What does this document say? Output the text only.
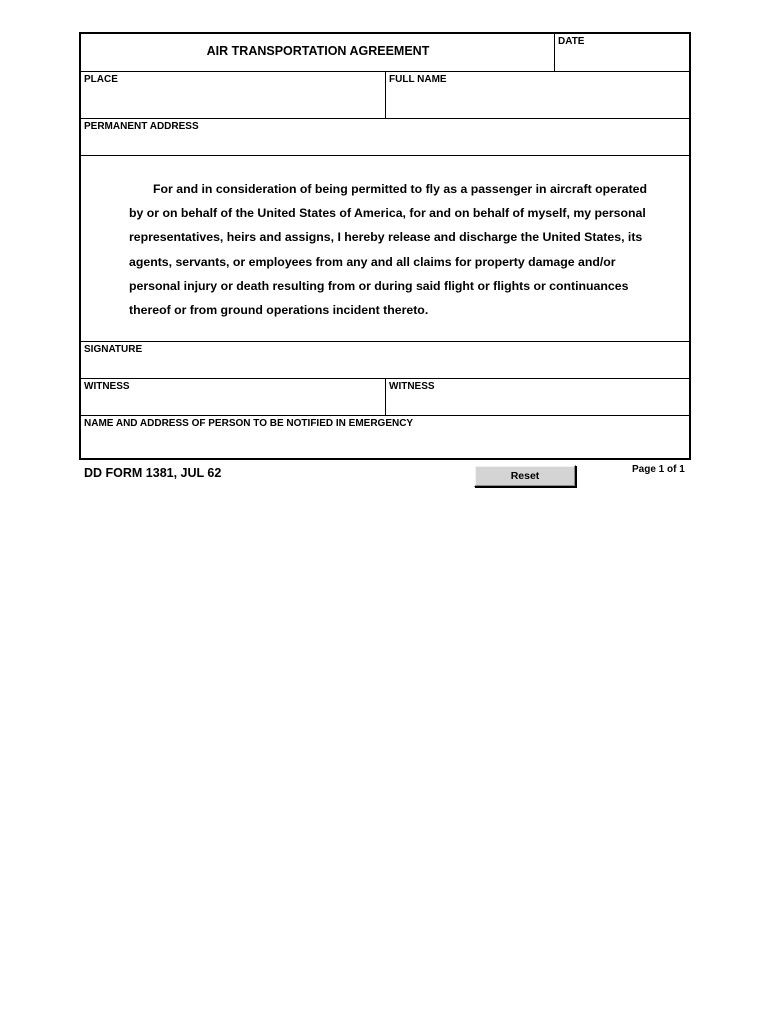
AIR TRANSPORTATION AGREEMENT
DATE
PLACE	FULL NAME
PERMANENT ADDRESS
For and in consideration of being permitted to fly as a passenger in aircraft operated by or on behalf of the United States of America, for and on behalf of myself, my personal representatives, heirs and assigns, I hereby release and discharge the United States, its agents, servants, or employees from any and all claims for property damage and/or personal injury or death resulting from or during said flight or flights or continuances thereof or from ground operations incident thereto.
SIGNATURE
WITNESS	WITNESS
NAME AND ADDRESS OF PERSON TO BE NOTIFIED IN EMERGENCY
DD FORM 1381, JUL 62	Reset
Page 1 of 1
